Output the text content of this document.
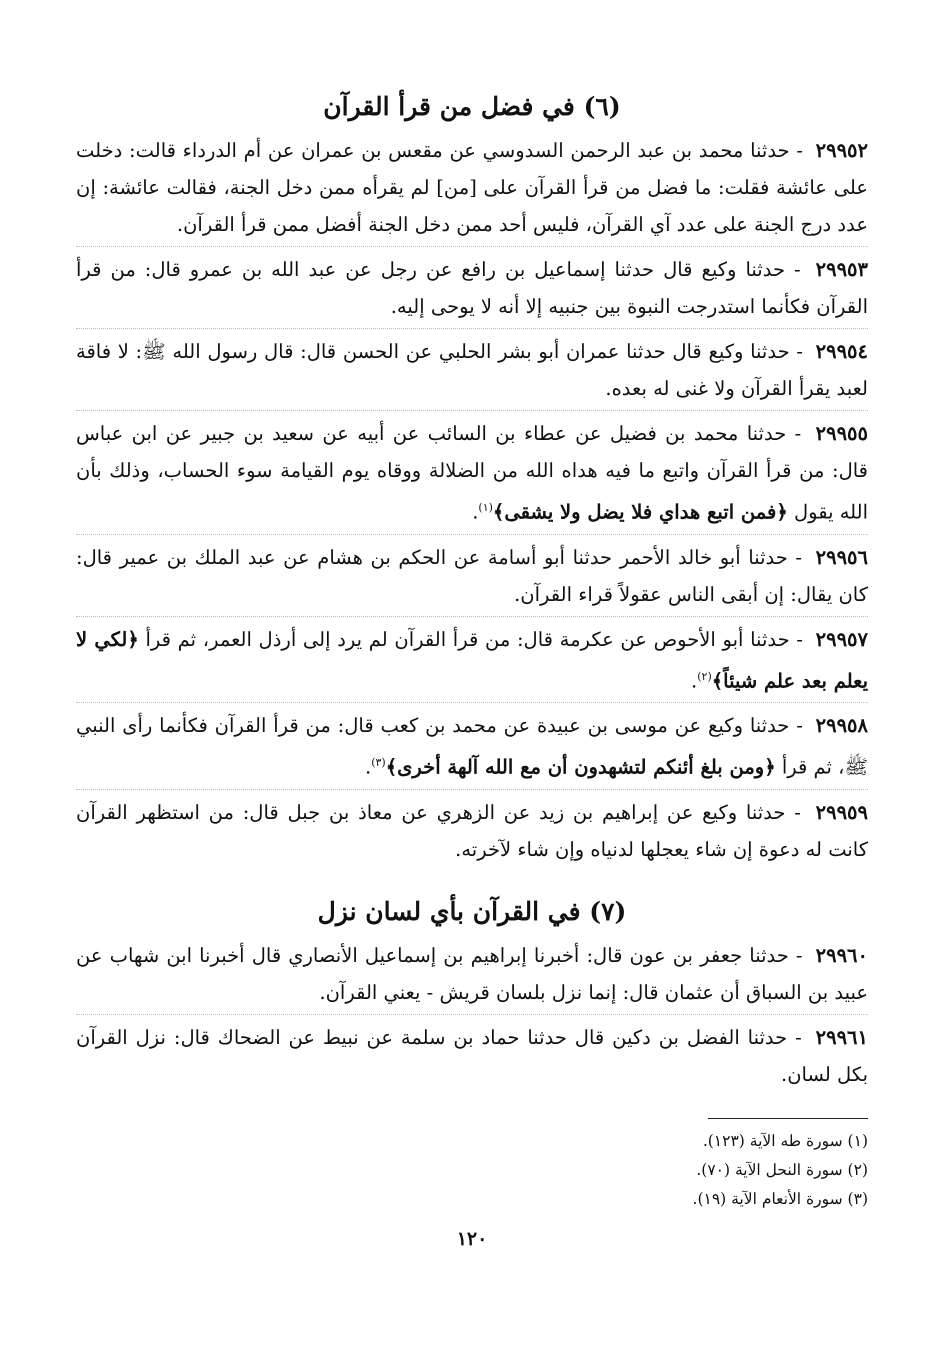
(٦) في فضل من قرأ القرآن

٢٩٩٥٢ - حدثنا محمد بن عبد الرحمن السدوسي عن مقعس بن عمران عن أم الدرداء قالت: دخلت على عائشة فقلت: ما فضل من قرأ القرآن على [من] لم يقرأه ممن دخل الجنة، فقالت عائشة: إن عدد درج الجنة على عدد آي القرآن، فليس أحد ممن دخل الجنة أفضل ممن قرأ القرآن.

٢٩٩٥٣ - حدثنا وكيع قال حدثنا إسماعيل بن رافع عن رجل عن عبد الله بن عمرو قال: من قرأ القرآن فكأنما استدرجت النبوة بين جنبيه إلا أنه لا يوحى إليه.

٢٩٩٥٤ - حدثنا وكيع قال حدثنا عمران أبو بشر الحلبي عن الحسن قال: قال رسول الله ﷺ: لا فاقة لعبد يقرأ القرآن ولا غنى له بعده.

٢٩٩٥٥ - حدثنا محمد بن فضيل عن عطاء بن السائب عن أبيه عن سعيد بن جبير عن ابن عباس قال: من قرأ القرآن واتبع ما فيه هداه الله من الضلالة ووقاه يوم القيامة سوء الحساب، وذلك بأن الله يقول ﴿فمن اتبع هداي فلا يضل ولا يشقى﴾$^{(١)}$.

٢٩٩٥٦ - حدثنا أبو خالد الأحمر حدثنا أبو أسامة عن الحكم بن هشام عن عبد الملك بن عمير قال: كان يقال: إن أبقى الناس عقولاً قراء القرآن.

٢٩٩٥٧ - حدثنا أبو الأحوص عن عكرمة قال: من قرأ القرآن لم يرد إلى أرذل العمر، ثم قرأ ﴿لكي لا يعلم بعد علم شيئاً﴾$^{(٢)}$.

٢٩٩٥٨ - حدثنا وكيع عن موسى بن عبيدة عن محمد بن كعب قال: من قرأ القرآن فكأنما رأى النبي ﷺ، ثم قرأ ﴿ومن بلغ أئنكم لتشهدون أن مع الله آلهة أخرى﴾$^{(٣)}$.

٢٩٩٥٩ - حدثنا وكيع عن إبراهيم بن زيد عن الزهري عن معاذ بن جبل قال: من استظهر القرآن كانت له دعوة إن شاء يعجلها لدنياه وإن شاء لآخرته.

(٧) في القرآن بأي لسان نزل

٢٩٩٦٠ - حدثنا جعفر بن عون قال: أخبرنا إبراهيم بن إسماعيل الأنصاري قال أخبرنا ابن شهاب عن عبيد بن السباق أن عثمان قال: إنما نزل بلسان قريش - يعني القرآن.

٢٩٩٦١ - حدثنا الفضل بن دكين قال حدثنا حماد بن سلمة عن نبيط عن الضحاك قال: نزل القرآن بكل لسان.

(١) سورة طه الآية (١٢٣).
(٢) سورة النحل الآية (٧٠).
(٣) سورة الأنعام الآية (١٩).
١٢٠
